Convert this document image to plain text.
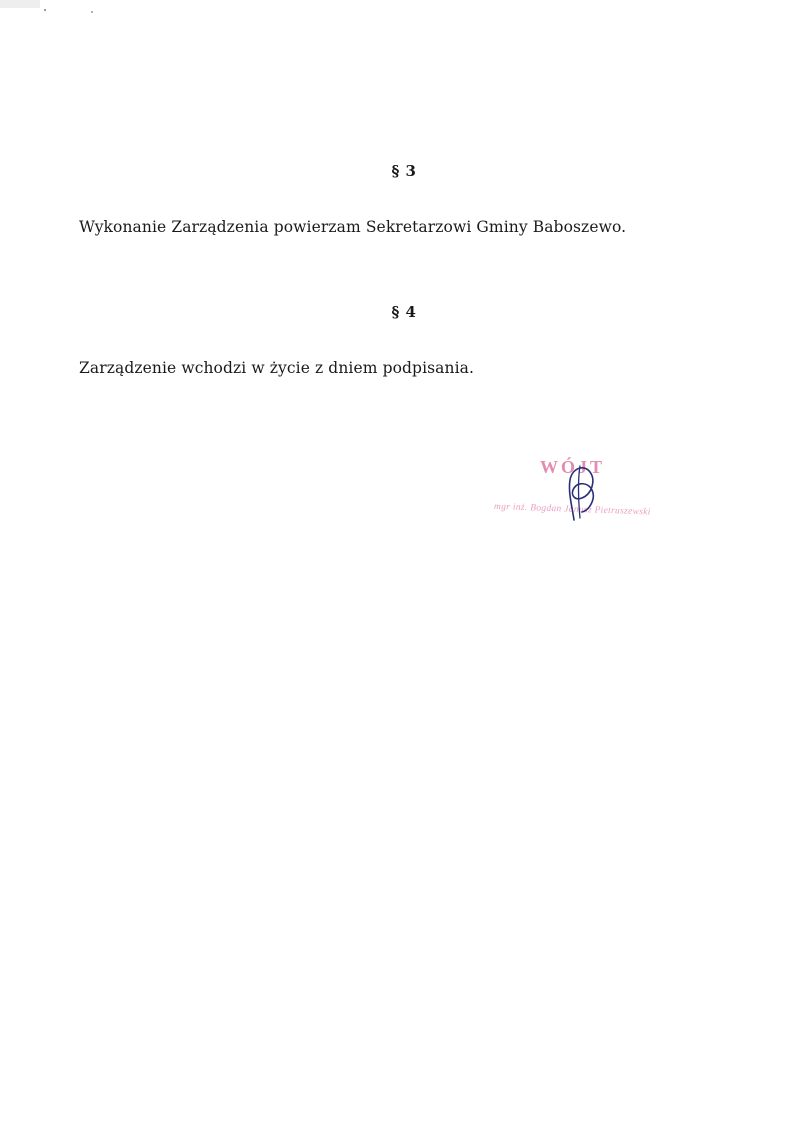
§ 3
Wykonanie Zarządzenia powierzam Sekretarzowi Gminy Baboszewo.
§ 4
Zarządzenie wchodzi w życie z dniem podpisania.
WÓJT
mgr inż. Bogdan Janusz Pietruszewski
